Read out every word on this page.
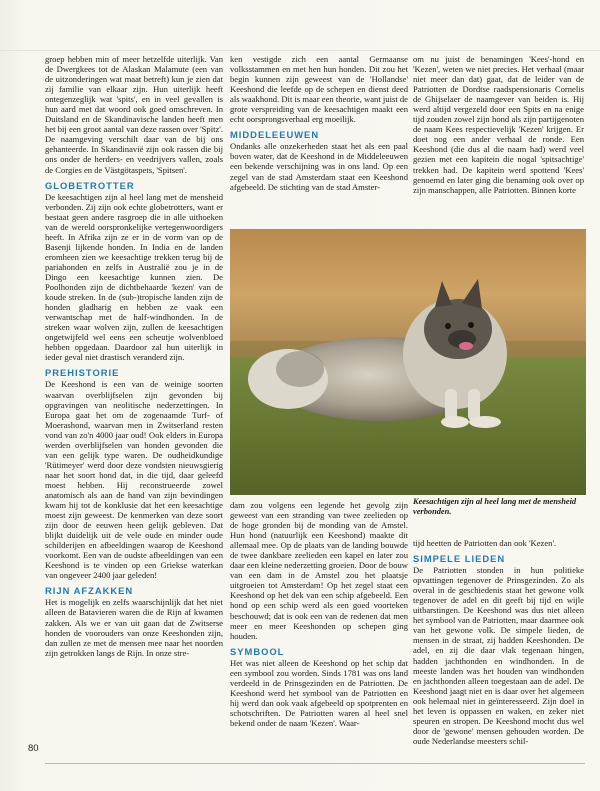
groep hebben min of meer hetzelfde uiterlijk. Van de Dwergkees tot de Alaskan Malamute (een van de uitzonderingen wat maat betreft) kun je zien dat zij familie van elkaar zijn. Hun uiterlijk heeft ontegenzeglijk wat 'spits', en in veel gevallen is hun aard met dat woord ook goed omschreven. In Duitsland en de Skandinavische landen heeft men het bij een groot aantal van deze rassen over 'Spitz'. De naamgeving verschilt daar van de bij ons gehanteerde. In Skandinavië zijn ook rassen die bij ons onder de herders- en veedrijvers vallen, zoals de Corgies en de Västgötaspets, 'Spitsen'.

GLOBETROTTER

De keesachtigen zijn al heel lang met de mensheid verbonden. Zij zijn ook echte globetrotters, want er bestaat geen andere rasgroep die in alle uithoeken van de wereld oorspronkelijke vertegenwoordigers heeft. In Afrika zijn ze er in de vorm van op de Basenji lijkende honden. In India en de landen eromheen zien we keesachtige trekken terug bij de pariahonden en zelfs in Australië zou je in de Dingo een keesachtige kunnen zien. De Poolhonden zijn de dichtbehaarde 'kezen' van de koude streken. In de (sub-)tropische landen zijn de honden gladharig en hebben ze vaak een verwantschap met de half-windhonden. In de streken waar wolven zijn, zullen de keesachtigen ongetwijfeld wel eens een scheutje wolvenbloed hebben opgedaan. Daardoor zal hun uiterlijk in ieder geval niet drastisch veranderd zijn.

PREHISTORIE

De Keeshond is een van de weinige soorten waarvan overblijfselen zijn gevonden bij opgravingen van neolitische nederzettingen. In Europa gaat het om de zogenaamde Turf- of Moerashond, waarvan men in Zwitserland resten vond van zo'n 4000 jaar oud! Ook elders in Europa werden overblijfselen van honden gevonden die van een gelijk type waren. De oudheidkundige 'Rütimeyer' werd door deze vondsten nieuwsgierig naar het soort hond dat, in die tijd, daar geleefd moest hebben. Hij reconstrueerde zowel anatomisch als aan de hand van zijn bevindingen kwam hij tot de konklusie dat het een keesachtige moest zijn geweest. De kenmerken van deze soort zijn door de eeuwen heen gelijk gebleven. Dat blijkt duidelijk uit de vele oude en minder oude schilderijen en afbeeldingen waarop de Keeshond voorkomt. Een van de oudste afbeeldingen van een Keeshond is te vinden op een Griekse waterkan van ongeveer 2400 jaar geleden!

RIJN AFZAKKEN

Het is mogelijk en zelfs waarschijnlijk dat het niet alleen de Batavieren waren die de Rijn af kwamen zakken. Als we er van uit gaan dat de Zwitserse honden de voorouders van onze Keeshonden zijn, dan zullen ze met de mensen mee naar het noorden zijn getrokken langs de Rijn. In onze stre-

ken vestigde zich een aantal Germaanse volksstammen en met hen hun honden. Dit zou het begin kunnen zijn geweest van de 'Hollandse' Keeshond die leefde op de schepen en dienst deed als waakhond. Dit is maar een theorie, want juist de grote verspreiding van de keesachtigen maakt een echt oorsprongsverhaal erg moeilijk.

MIDDELEEUWEN

Ondanks alle onzekerheden staat het als een paal boven water, dat de Keeshond in de Middeleeuwen een bekende verschijning was in ons land. Op een zegel van de stad Amsterdam staat een Keeshond afgebeeld. De stichting van de stad Amster-

om nu juist de benamingen 'Kees'-hond en 'Kezen', weten we niet precies. Het verhaal (maar niet meer dan dat) gaat, dat de leider van de Patriotten de Dordtse raadspensionaris Cornelis de Ghijselaer de naamgever van beiden is. Hij werd altijd vergezeld door een Spits en na enige tijd zouden zowel zijn hond als zijn partijgenoten de naam Kees respectievelijk 'Kezen' krijgen. Er doet nog een ander verhaal de ronde. Een Keeshond (die dus al die naam had) werd veel gezien met een kapitein die nogal 'spitsachtige' trekken had. De kapitein werd spottend 'Kees' genoemd en later ging die benaming ook over op zijn manschappen, alle Patriotten. Binnen korte

dam zou volgens een legende het gevolg zijn geweest van een stranding van twee zeelieden op de hoge gronden bij de monding van de Amstel. Hun hond (natuurlijk een Keeshond) maakte dit allemaal mee. Op de plaats van de landing bouwde de twee dankbare zeelieden een kapel en later zou daar een kleine nederzetting groeien. Door de bouw van een dam in de Amstel zou het plaatsje uitgroeien tot Amsterdam! Op het zegel staat een Keeshond op het dek van een schip afgebeeld. Een hond op een schip werd als een goed voorteken beschouwd; dat is ook een van de redenen dat men meer en meer Keeshonden op schepen ging houden.

SYMBOOL

Het was niet alleen de Keeshond op het schip dat een symbool zou worden. Sinds 1781 was ons land verdeeld in de Prinsgezinden en de Patriotten. De Keeshond werd het symbool van de Patriotten en hij werd dan ook vaak afgebeeld op spotprenten en schotschriften. De Patriotten waren al heel snel bekend onder de naam 'Kezen'. Waar-

Keesachtigen zijn al heel lang met de mensheid verbonden.

tijd heetten de Patriotten dan ook 'Kezen'.

SIMPELE LIEDEN

De Patriotten stonden in hun politieke opvattingen tegenover de Prinsgezinden. Zo als overal in de geschiedenis staat het gewone volk tegenover de adel en dit geeft bij tijd en wijle uitbarstingen. De Keeshond was dus niet alleen het symbool van de Patriotten, maar daarmee ook van het gewone volk. De simpele lieden, de mensen in de straat, zij hadden Keeshonden. De adel, en zij die daar vlak tegenaan hingen, hadden jachthonden en windhonden. In de meeste landen was het houden van windhonden en jachthonden alleen toegestaan aan de adel. De Keeshond jaagt niet en is daar over het algemeen ook helemaal niet in geïnteresseerd. Zijn doel in het leven is oppassen en waken, en zeker niet speuren en stropen. De Keeshond mocht dus wel door de 'gewone' mensen gehouden worden. De oude Nederlandse meesters schil-

80
